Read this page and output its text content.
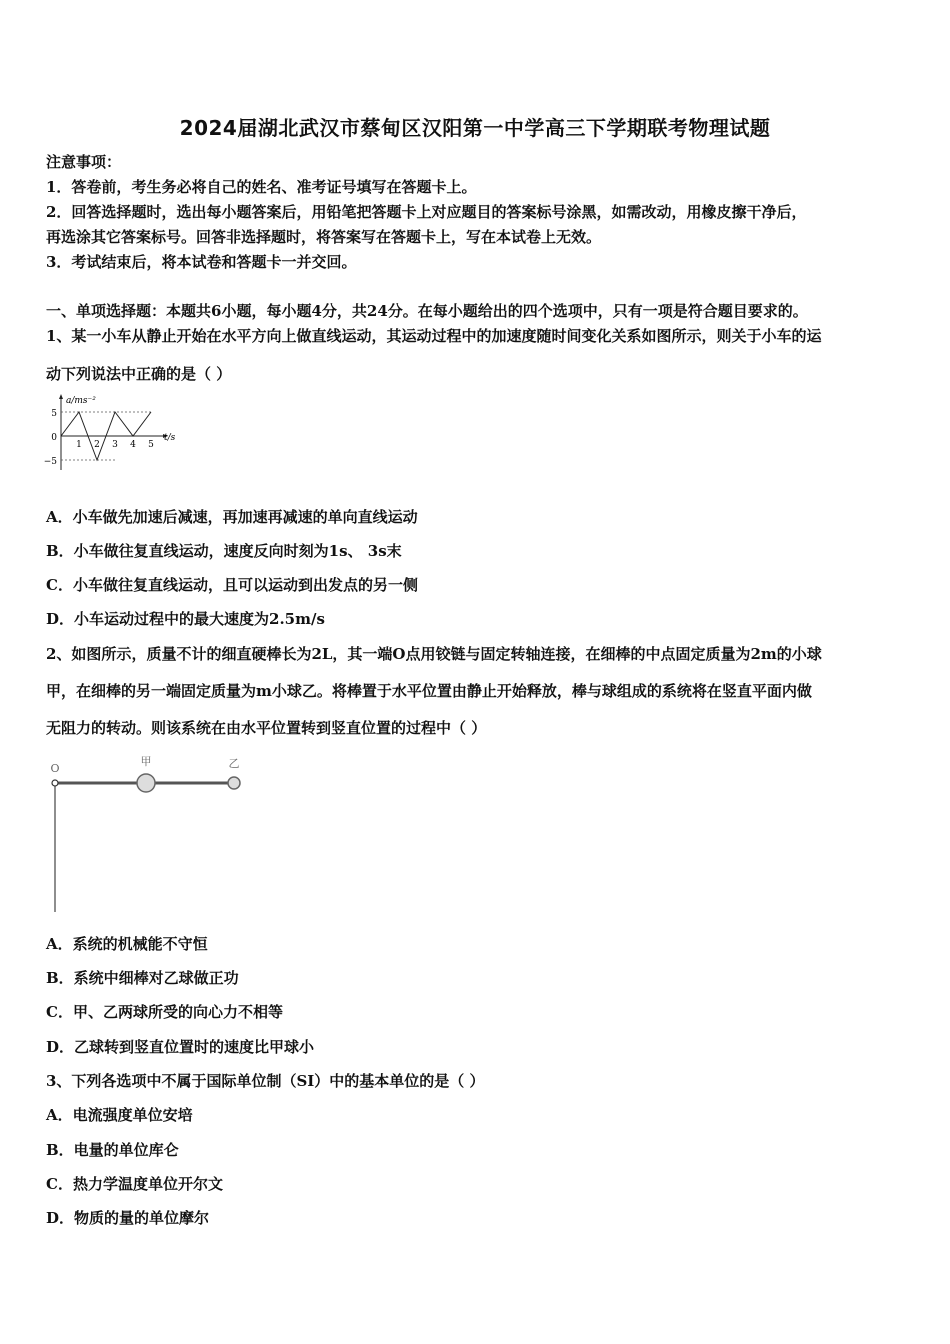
2024届湖北武汉市蔡甸区汉阳第一中学高三下学期联考物理试题
注意事项：
1．答卷前，考生务必将自己的姓名、准考证号填写在答题卡上。
2．回答选择题时，选出每小题答案后，用铅笔把答题卡上对应题目的答案标号涂黑，如需改动，用橡皮擦干净后，
再选涂其它答案标号。回答非选择题时，将答案写在答题卡上，写在本试卷上无效。
3．考试结束后，将本试卷和答题卡一并交回。
一、单项选择题：本题共6小题，每小题4分，共24分。在每小题给出的四个选项中，只有一项是符合题目要求的。
1、某一小车从静止开始在水平方向上做直线运动，其运动过程中的加速度随时间变化关系如图所示，则关于小车的运
动下列说法中正确的是（ ）
a/ms⁻²
t/s
5
0
−5
1 2 3 4 5
A．小车做先加速后减速，再加速再减速的单向直线运动
B．小车做往复直线运动，速度反向时刻为1s、 3s末
C．小车做往复直线运动，且可以运动到出发点的另一侧
D．小车运动过程中的最大速度为2.5m/s
2、如图所示，质量不计的细直硬棒长为2L，其一端O点用铰链与固定转轴连接，在细棒的中点固定质量为2m的小球
甲，在细棒的另一端固定质量为m小球乙。将棒置于水平位置由静止开始释放，棒与球组成的系统将在竖直平面内做
无阻力的转动。则该系统在由水平位置转到竖直位置的过程中（ ）
O
甲	乙
A．系统的机械能不守恒
B．系统中细棒对乙球做正功
C．甲、乙两球所受的向心力不相等
D．乙球转到竖直位置时的速度比甲球小
3、下列各选项中不属于国际单位制（SI）中的基本单位的是（ ）
A．电流强度单位安培
B．电量的单位库仑
C．热力学温度单位开尔文
D．物质的量的单位摩尔
